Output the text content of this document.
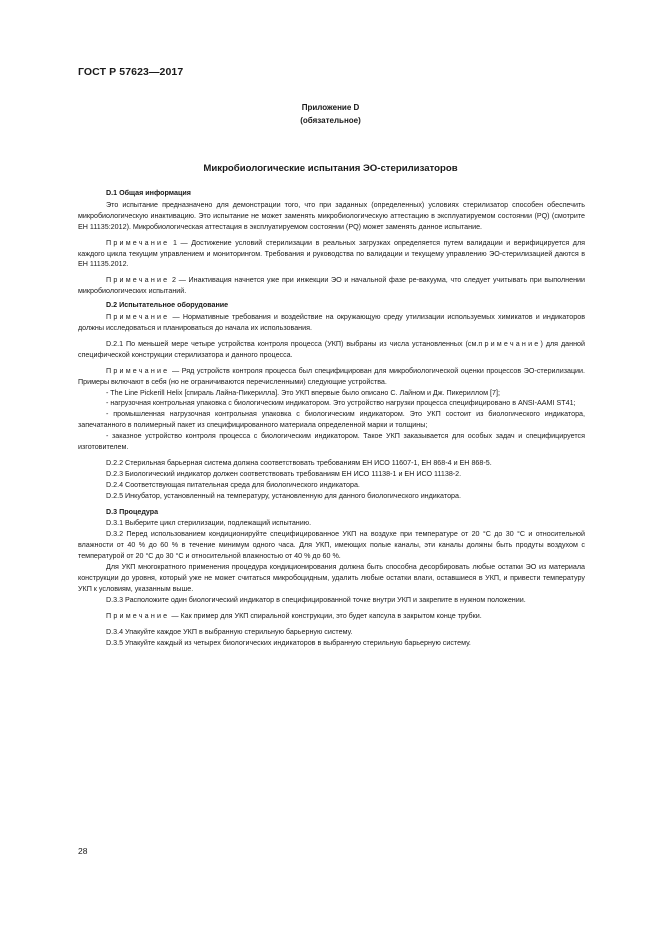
ГОСТ Р 57623—2017
Приложение D
(обязательное)
Микробиологические испытания ЭО-стерилизаторов

D.1 Общая информация

Это испытание предназначено для демонстрации того, что при заданных (определенных) условиях стерилизатор способен обеспечить микробиологическую инактивацию. Это испытание не может заменять микробиологическую аттестацию в эксплуатируемом состоянии (PQ) (смотрите ЕН 11135:2012). Микробиологическая аттестация в эксплуатируемом состоянии (PQ) может заменять данное испытание.

Примечание 1 — Достижение условий стерилизации в реальных загрузках определяется путем валидации и верифицируется для каждого цикла текущим управлением и мониторингом. Требования и руководства по валидации и текущему управлению ЭО-стерилизацией даются в ЕН 11135.2012.

Примечание 2 — Инактивация начнется уже при инжекции ЭО и начальной фазе ре-вакуума, что следует учитывать при выполнении микробиологических испытаний.

D.2 Испытательное оборудование

Примечание — Нормативные требования и воздействие на окружающую среду утилизации используемых химикатов и индикаторов должны исследоваться и планироваться до начала их использования.

D.2.1 По меньшей мере четыре устройства контроля процесса (УКП) выбраны из числа установленных (см.примечание) для данной специфической конструкции стерилизатора и данного процесса.

Примечание — Ряд устройств контроля процесса был специфицирован для микробиологической оценки процессов ЭО-стерилизации. Примеры включают в себя (но не ограничиваются перечисленными) следующие устройства.

- The Line Pickerill Helix [спираль Лайна-Пикерилла]. Это УКП впервые было описано С. Лайном и Дж. Пикериллом [7];

- нагрузочная контрольная упаковка с биологическим индикатором. Это устройство нагрузки процесса специфицировано в ANSI-AAMI ST41;

- промышленная нагрузочная контрольная упаковка с биологическим индикатором. Это УКП состоит из биологического индикатора, запечатанного в полимерный пакет из специфицированного материала определенной марки и толщины;

- заказное устройство контроля процесса с биологическим индикатором. Такое УКП заказывается для особых задач и специфицируется изготовителем.

D.2.2 Стерильная барьерная система должна соответствовать требованиям ЕН ИСО 11607-1, ЕН 868-4 и ЕН 868-5.

D.2.3 Биологический индикатор должен соответствовать требованиям ЕН ИСО 11138-1 и ЕН ИСО 11138-2.

D.2.4 Соответствующая питательная среда для биологического индикатора.

D.2.5 Инкубатор, установленный на температуру, установленную для данного биологического индикатора.

D.3 Процедура

D.3.1 Выберите цикл стерилизации, подлежащий испытанию.

D.3.2 Перед использованием кондиционируйте специфицированное УКП на воздухе при температуре от 20 °С до 30 °С и относительной влажности от 40 % до 60 % в течение минимум одного часа. Для УКП, имеющих полые каналы, эти каналы должны быть продуты воздухом с температурой от 20 °С до 30 °С и относительной влажностью от 40 % до 60 %.

Для УКП многократного применения процедура кондиционирования должна быть способна десорбировать любые остатки ЭО из материала конструкции до уровня, который уже не может считаться микробоцидным, удалить любые остатки влаги, оставшиеся в УКП, и привести температуру УКП к условиям, указанным выше.

D.3.3 Расположите один биологический индикатор в специфицированной точке внутри УКП и закрепите в нужном положении.

Примечание — Как пример для УКП спиральной конструкции, это будет капсула в закрытом конце трубки.

D.3.4 Упакуйте каждое УКП в выбранную стерильную барьерную систему.

D.3.5 Упакуйте каждый из четырех биологических индикаторов в выбранную стерильную барьерную систему.

28
